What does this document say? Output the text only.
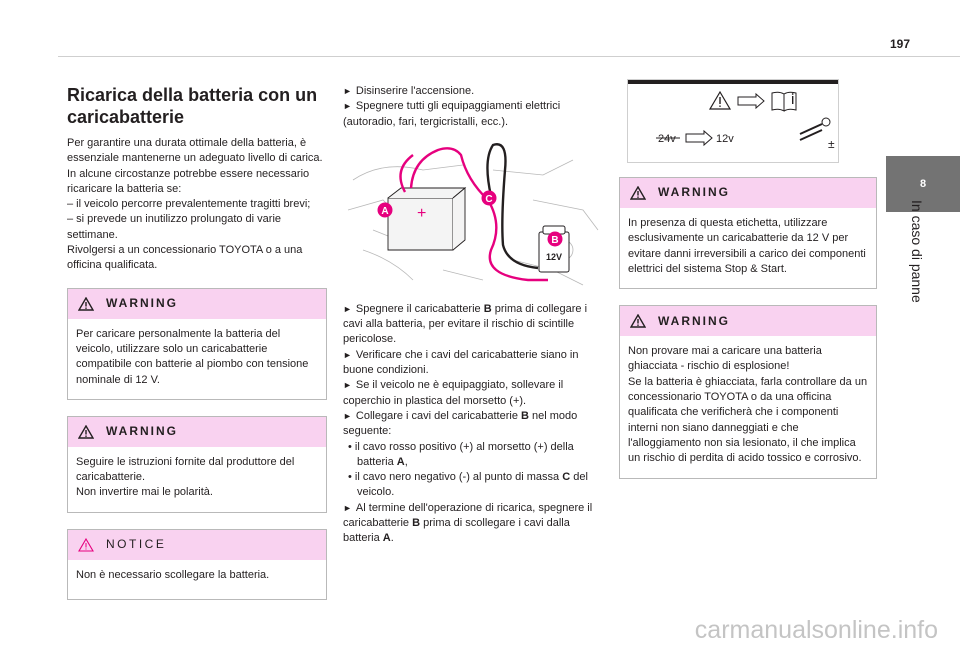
197
8
In caso di panne
Ricarica della batteria con un caricabatterie

Per garantire una durata ottimale della batteria, è essenziale mantenerne un adeguato livello di carica.

In alcune circostanze potrebbe essere necessario ricaricare la batteria se:

– il veicolo percorre prevalentemente tragitti brevi;

– si prevede un inutilizzo prolungato di varie settimane.

Rivolgersi a un concessionario TOYOTA o a una officina qualificata.

WARNING

Per caricare personalmente la batteria del veicolo, utilizzare solo un caricabatterie compatibile con batterie al piombo con tensione nominale di 12 V.

WARNING

Seguire le istruzioni fornite dal produttore del caricabatterie.

Non invertire mai le polarità.

NOTICE

Non è necessario scollegare la batteria.

► Disinserire l'accensione.

► Spegnere tutti gli equipaggiamenti elettrici (autoradio, fari, tergicristalli, ecc.).

+
A
C
12V
B

► Spegnere il caricabatterie B prima di collegare i cavi alla batteria, per evitare il rischio di scintille pericolose.

► Verificare che i cavi del caricabatterie siano in buone condizioni.

► Se il veicolo ne è equipaggiato, sollevare il coperchio in plastica del morsetto (+).

► Collegare i cavi del caricabatterie B nel modo seguente:

• il cavo rosso positivo (+) al morsetto (+) della batteria A,

• il cavo nero negativo (-) al punto di massa C del veicolo.

► Al termine dell'operazione di ricarica, spegnere il caricabatterie B prima di scollegare i cavi dalla batteria A.

24v	12v	±
WARNING

In presenza di questa etichetta, utilizzare esclusivamente un caricabatterie da 12 V per evitare danni irreversibili a carico dei componenti elettrici del sistema Stop & Start.

WARNING

Non provare mai a caricare una batteria ghiacciata - rischio di esplosione!

Se la batteria è ghiacciata, farla controllare da un concessionario TOYOTA o da una officina qualificata che verificherà che i componenti interni non siano danneggiati e che l'alloggiamento non sia lesionato, il che implica un rischio di perdita di acido tossico e corrosivo.

carmanualsonline.info
